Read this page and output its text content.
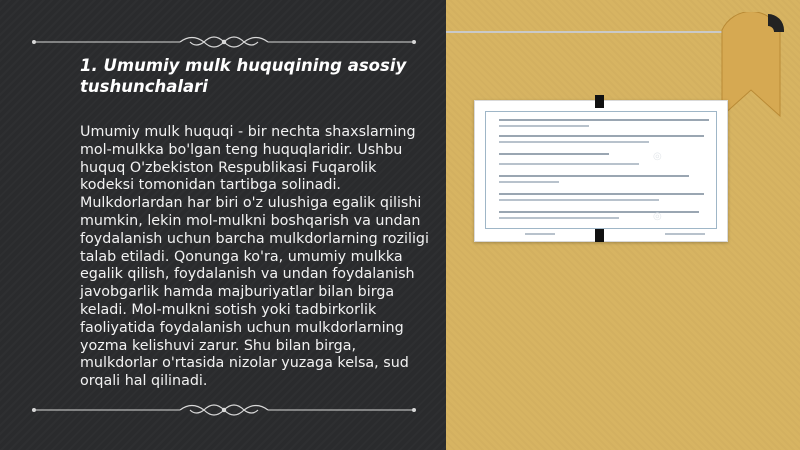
1. Umumiy mulk huquqining asosiy tushunchalari

Umumiy mulk huquqi - bir nechta shaxslarning mol-mulkka bo'lgan teng huquqlaridir. Ushbu huquq O'zbekiston Respublikasi Fuqarolik kodeksi tomonidan tartibga solinadi. Mulkdorlardan har biri o'z ulushiga egalik qilishi mumkin, lekin mol-mulkni boshqarish va undan foydalanish uchun barcha mulkdorlarning roziligi talab etiladi. Qonunga ko'ra, umumiy mulkka egalik qilish, foydalanish va undan foydalanish javobgarlik hamda majburiyatlar bilan birga keladi. Mol-mulkni sotish yoki tadbirkorlik faoliyatida foydalanish uchun mulkdorlarning yozma kelishuvi zarur. Shu bilan birga, mulkdorlar o'rtasida nizolar yuzaga kelsa, sud orqali hal qilinadi.

◎
◎
